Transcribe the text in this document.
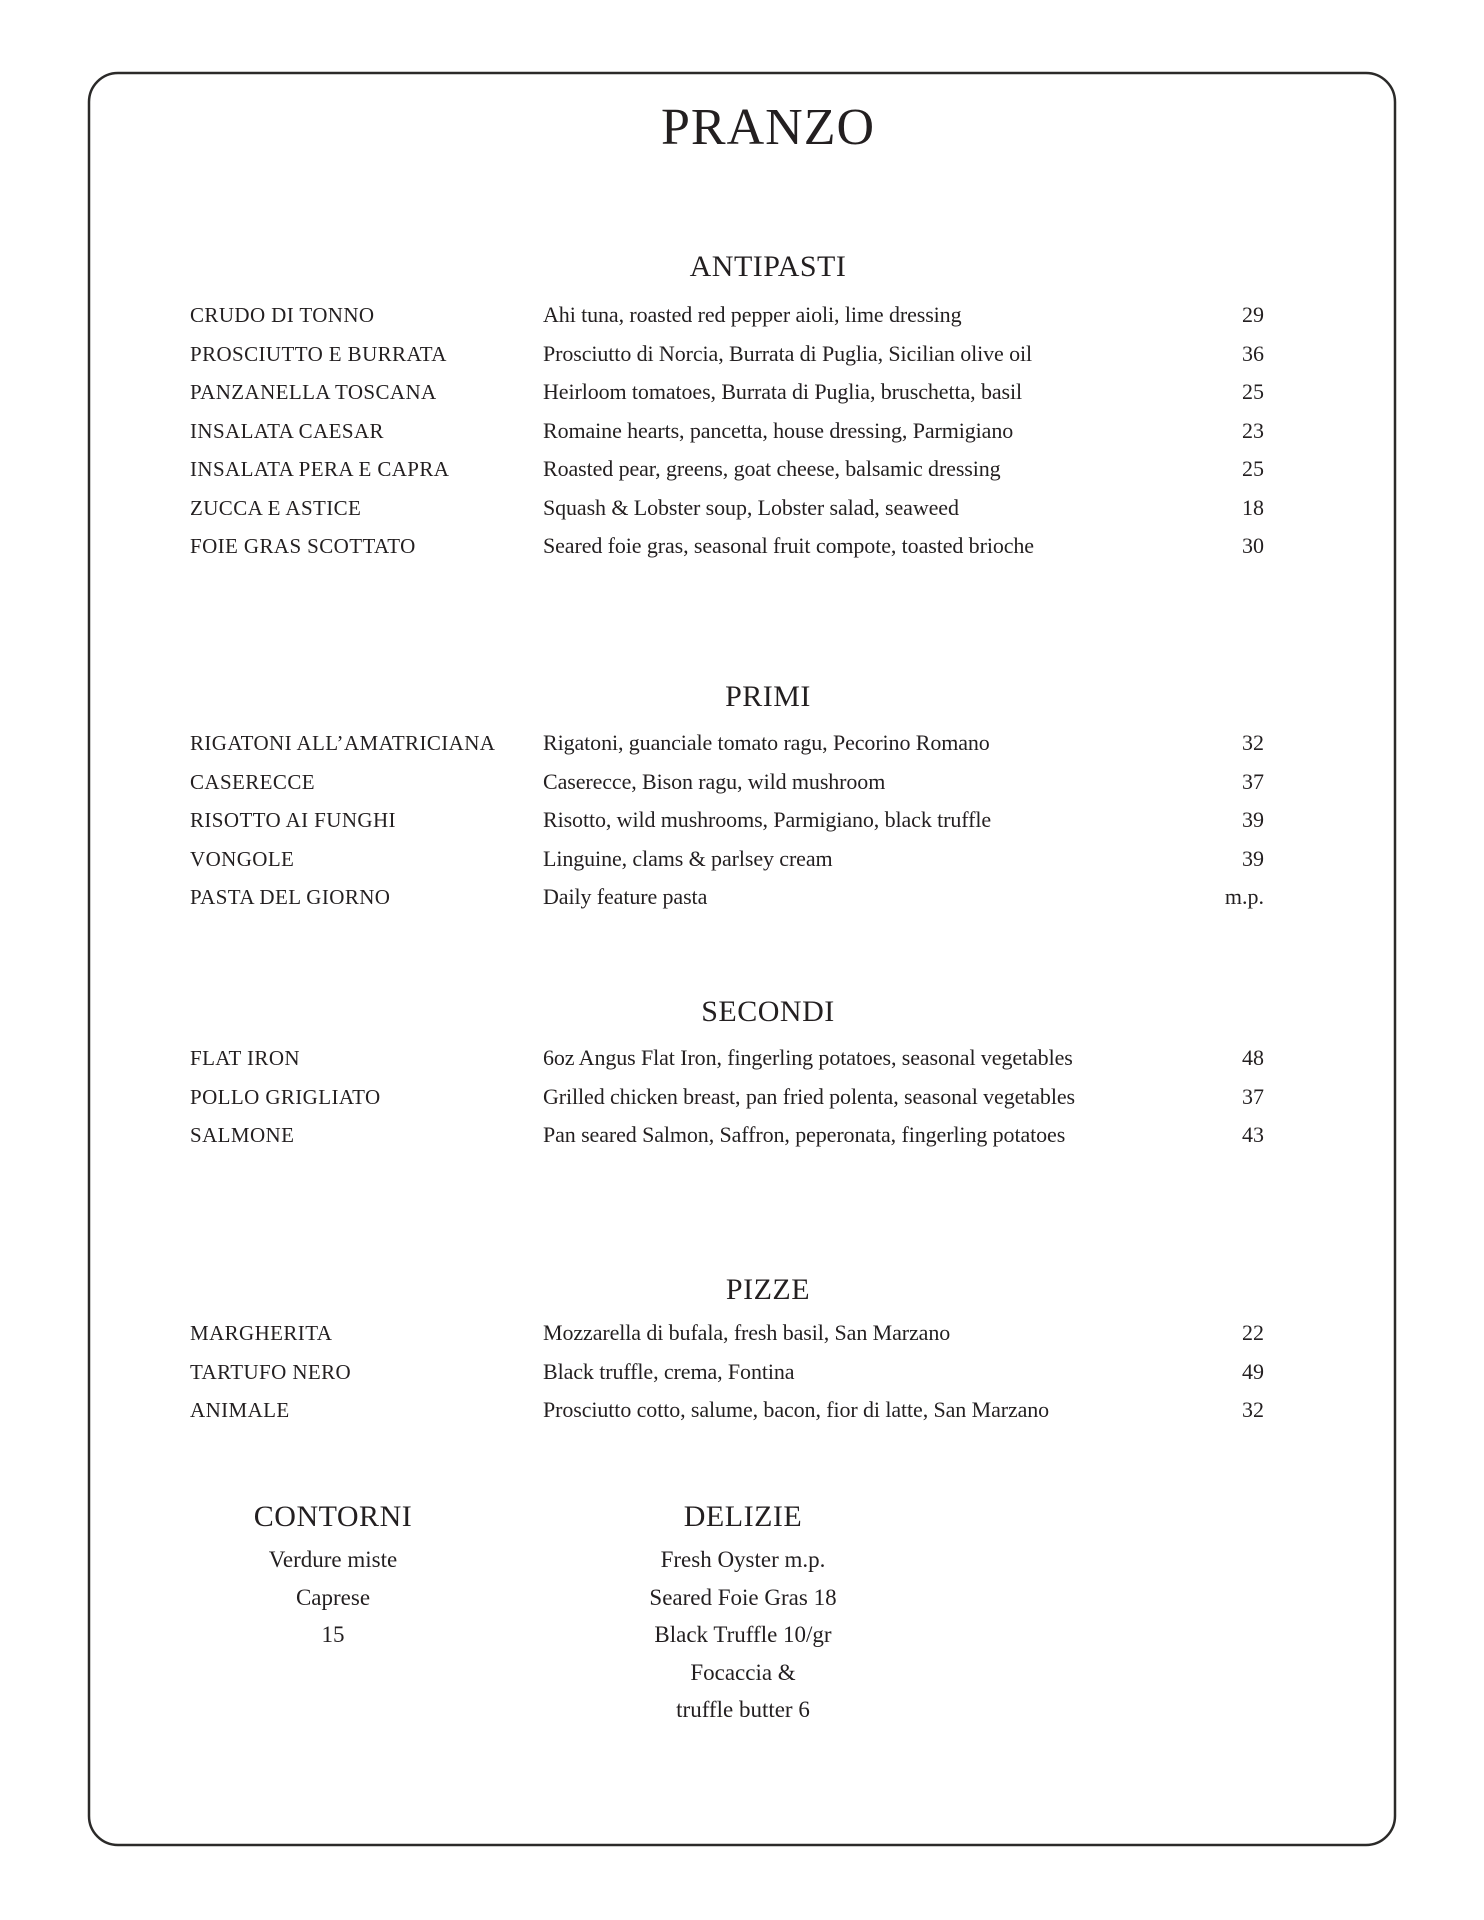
PRANZO
ANTIPASTI
CRUDO DI TONNO	Ahi tuna, roasted red pepper aioli, lime dressing	29
PROSCIUTTO E BURRATA	Prosciutto di Norcia, Burrata di Puglia, Sicilian olive oil	36
PANZANELLA TOSCANA	Heirloom tomatoes, Burrata di Puglia, bruschetta, basil	25
INSALATA CAESAR	Romaine hearts, pancetta, house dressing, Parmigiano	23
INSALATA PERA E CAPRA	Roasted pear, greens, goat cheese, balsamic dressing	25
ZUCCA E ASTICE	Squash & Lobster soup, Lobster salad, seaweed	18
FOIE GRAS SCOTTATO	Seared foie gras, seasonal fruit compote, toasted brioche	30
PRIMI
RIGATONI ALL’AMATRICIANA Rigatoni, guanciale tomato ragu, Pecorino Romano	32
CASERECCE	Caserecce, Bison ragu, wild mushroom	37
RISOTTO AI FUNGHI	Risotto, wild mushrooms, Parmigiano, black truffle	39
VONGOLE	Linguine, clams & parlsey cream	39
PASTA DEL GIORNO	Daily feature pasta	m.p.
SECONDI
FLAT IRON	6oz Angus Flat Iron, fingerling potatoes, seasonal vegetables	48
POLLO GRIGLIATO	Grilled chicken breast, pan fried polenta, seasonal vegetables	37
SALMONE	Pan seared Salmon, Saffron, peperonata, fingerling potatoes	43
PIZZE
MARGHERITA	Mozzarella di bufala, fresh basil, San Marzano	22
TARTUFO NERO	Black truffle, crema, Fontina	49
ANIMALE	Prosciutto cotto, salume, bacon, fior di latte, San Marzano	32
CONTORNI
Verdure miste
Caprese
15
DELIZIE
Fresh Oyster m.p.
Seared Foie Gras 18
Black Truffle 10/gr
Focaccia &
truffle butter 6
